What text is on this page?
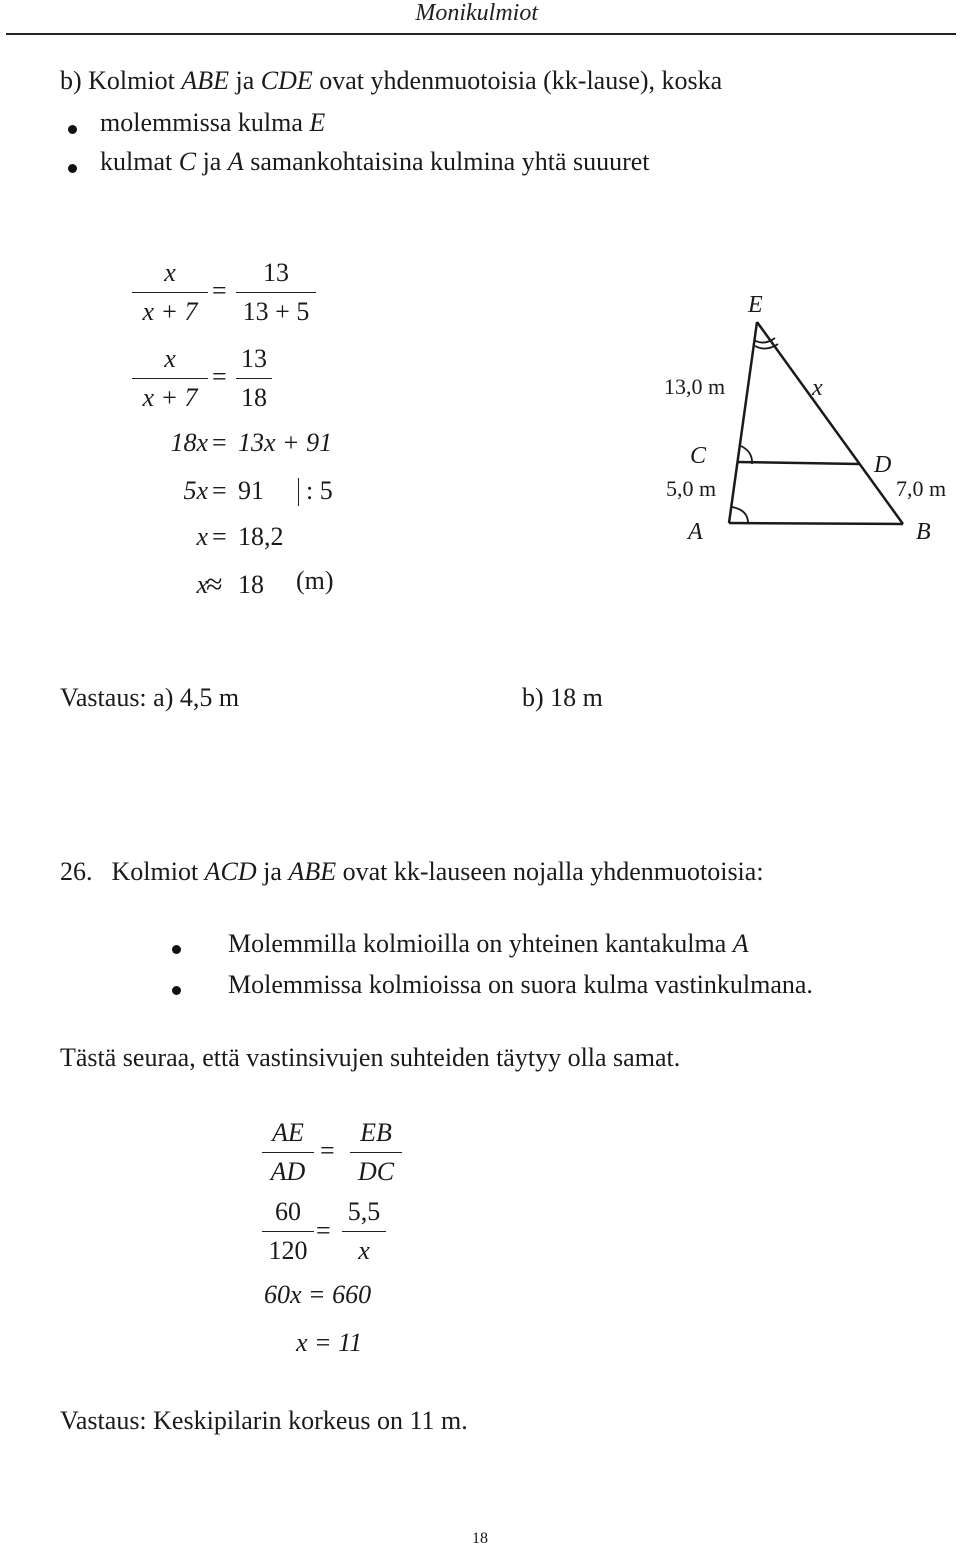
Monikulmiot
b) Kolmiot ABE ja CDE ovat yhdenmuotoisia (kk-lause), koska
molemmissa kulma E
kulmat C ja A samankohtaisina kulmina yhtä suuuret
x
x + 7
=
13
13 + 5
x
x + 7
=
13
18
18x = 13x + 91
5x = 91 : 5
x = 18,2
x
≈ 18 (m)
E
x
13,0 m
C	D
5,0 m	7,0 m
A	B
Vastaus: a) 4,5 m	b) 18 m
26. Kolmiot ACD ja ABE ovat kk-lauseen nojalla yhdenmuotoisia:
Molemmilla kolmioilla on yhteinen kantakulma A
Molemmissa kolmioissa on suora kulma vastinkulmana.
Tästä seuraa, että vastinsivujen suhteiden täytyy olla samat.
AE
AD
=
EB
DC
60
120
=
5,5
x
60x = 660
x = 11
Vastaus: Keskipilarin korkeus on 11 m.
18
